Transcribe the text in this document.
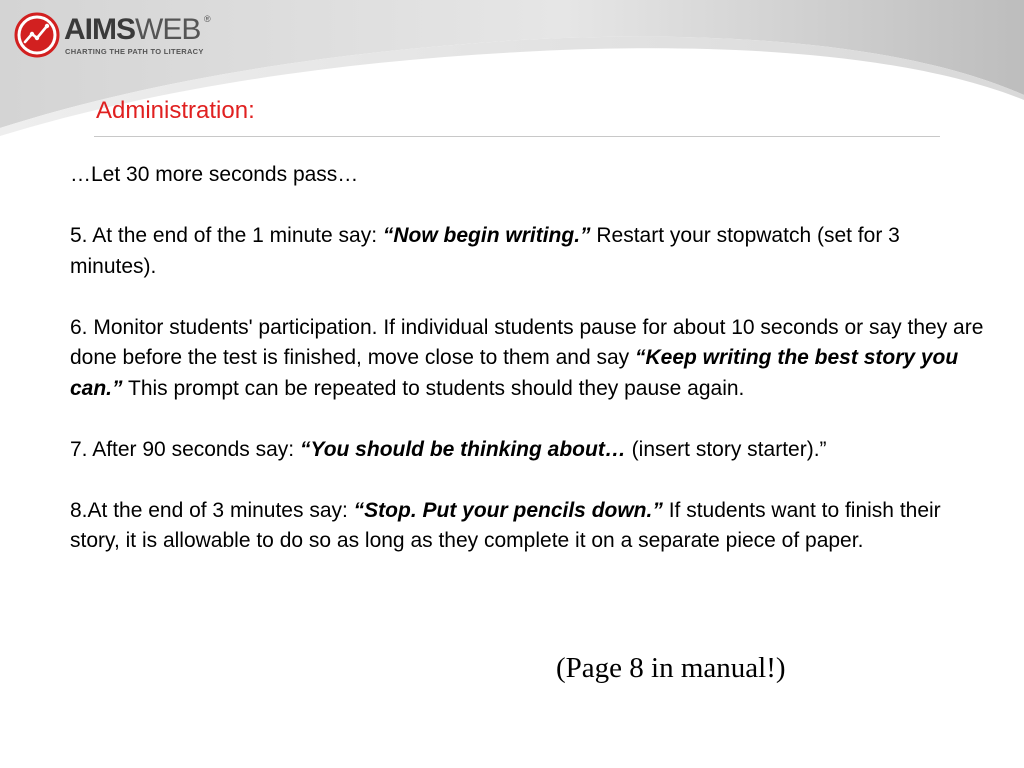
AIMSWEB ®
CHARTING THE PATH TO LITERACY
Administration:

…Let 30 more seconds pass…

5. At the end of the 1 minute say: “Now begin writing.” Restart your stopwatch (set for 3 minutes).

6. Monitor students' participation. If individual students pause for about 10 seconds or say they are done before the test is finished, move close to them and say “Keep writing the best story you can.” This prompt can be repeated to students should they pause again.

7. After 90 seconds say: “You should be thinking about… (insert story starter).”

8.At the end of 3 minutes say: “Stop. Put your pencils down.” If students want to finish their story, it is allowable to do so as long as they complete it on a separate piece of paper.

(Page 8 in manual!)
